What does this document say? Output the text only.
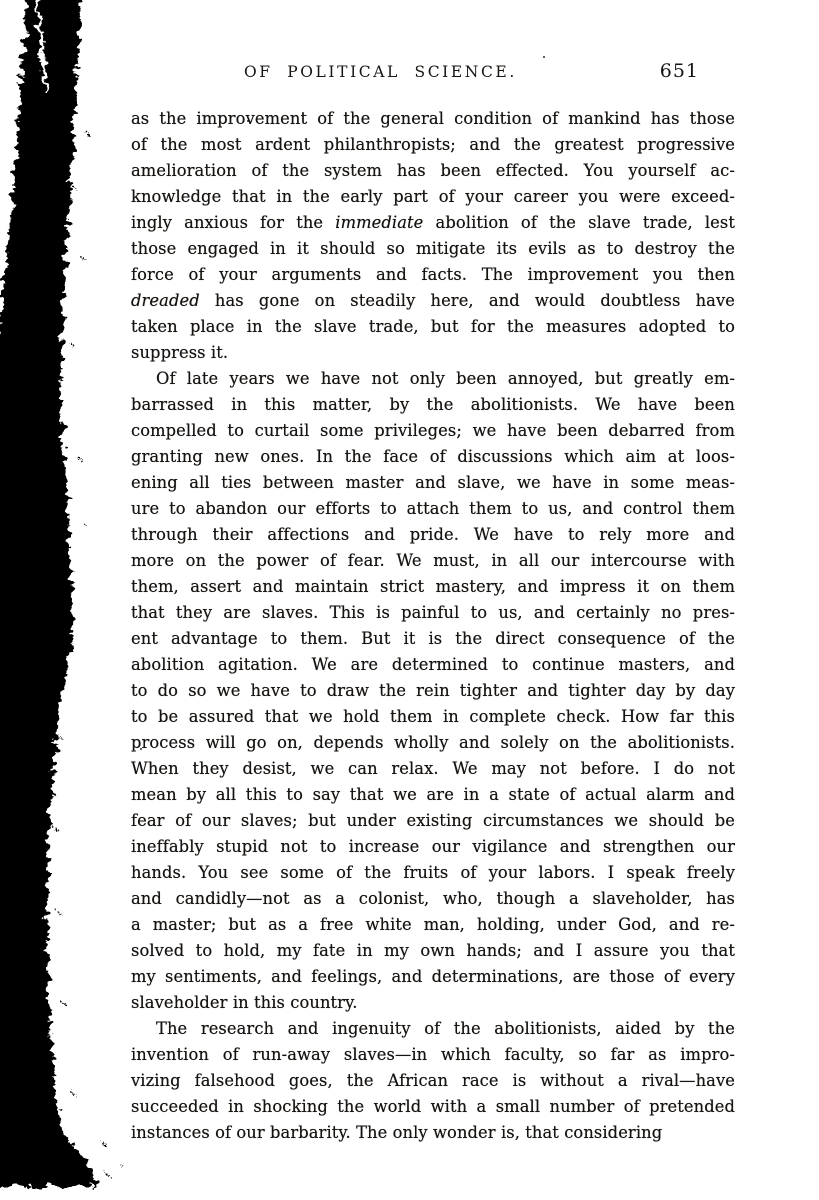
OF POLITICAL SCIENCE.	651
as the improvement of the general condition of mankind has those
of the most ardent philanthropists; and the greatest progressive
amelioration of the system has been effected. You yourself ac-
knowledge that in the early part of your career you were exceed-
ingly anxious for the immediate abolition of the slave trade, lest
those engaged in it should so mitigate its evils as to destroy the
force of your arguments and facts. The improvement you then
dreaded has gone on steadily here, and would doubtless have
taken place in the slave trade, but for the measures adopted to
suppress it.
Of late years we have not only been annoyed, but greatly em-
barrassed in this matter, by the abolitionists. We have been
compelled to curtail some privileges; we have been debarred from
granting new ones. In the face of discussions which aim at loos-
ening all ties between master and slave, we have in some meas-
ure to abandon our efforts to attach them to us, and control them
through their affections and pride. We have to rely more and
more on the power of fear. We must, in all our intercourse with
them, assert and maintain strict mastery, and impress it on them
that they are slaves. This is painful to us, and certainly no pres-
ent advantage to them. But it is the direct consequence of the
abolition agitation. We are determined to continue masters, and
to do so we have to draw the rein tighter and tighter day by day
to be assured that we hold them in complete check. How far this
process will go on, depends wholly and solely on the abolitionists.
When they desist, we can relax. We may not before. I do not
mean by all this to say that we are in a state of actual alarm and
fear of our slaves; but under existing circumstances we should be
ineffably stupid not to increase our vigilance and strengthen our
hands. You see some of the fruits of your labors. I speak freely
and candidly—not as a colonist, who, though a slaveholder, has
a master; but as a free white man, holding, under God, and re-
solved to hold, my fate in my own hands; and I assure you that
my sentiments, and feelings, and determinations, are those of every
slaveholder in this country.
The research and ingenuity of the abolitionists, aided by the
invention of run-away slaves—in which faculty, so far as impro-
vizing falsehood goes, the African race is without a rival—have
succeeded in shocking the world with a small number of pretended
instances of our barbarity. The only wonder is, that considering
